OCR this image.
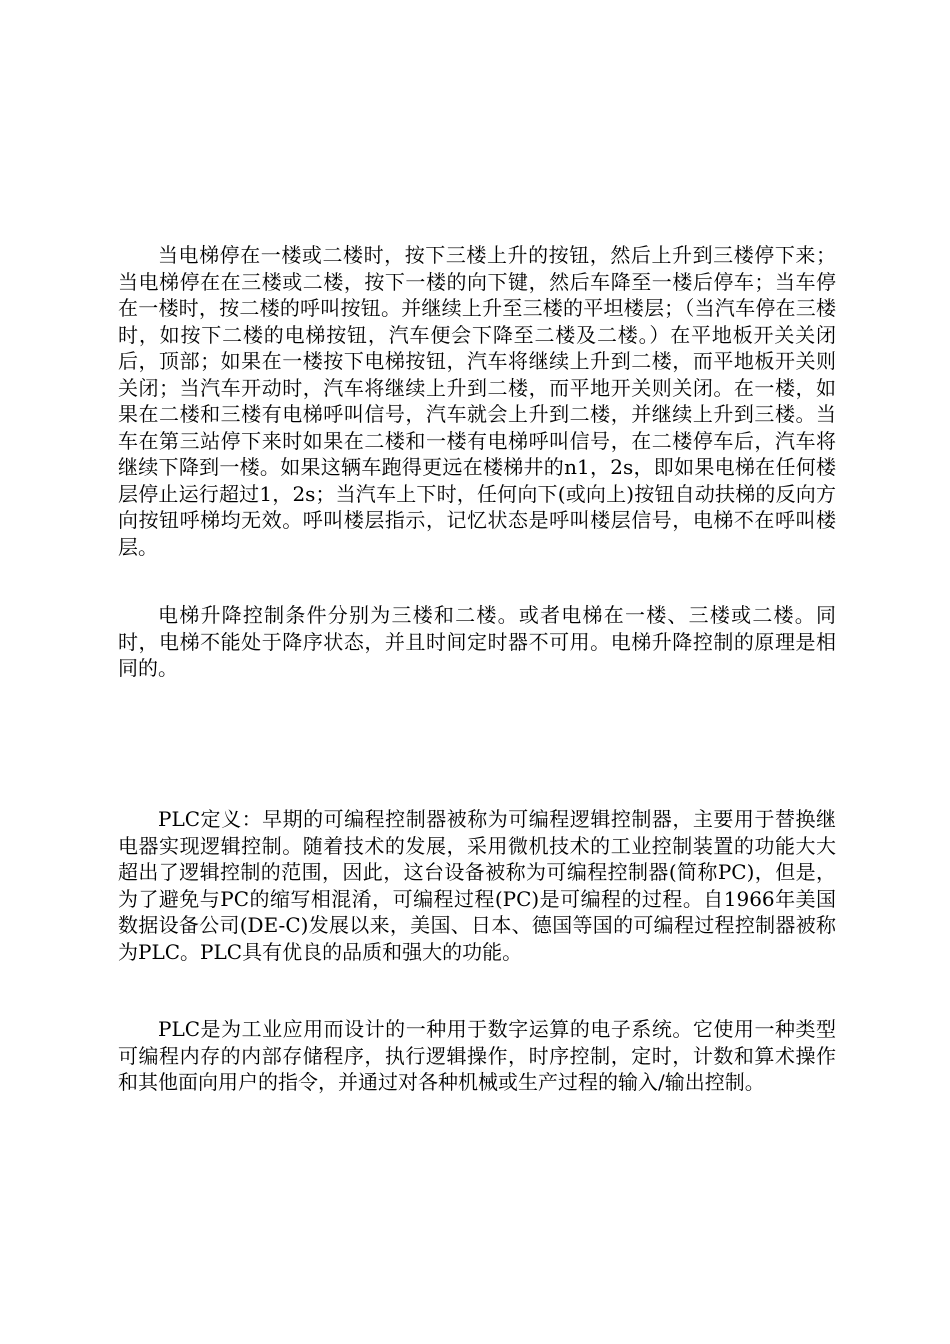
当电梯停在一楼或二楼时，按下三楼上升的按钮，然后上升到三楼停下来；当电梯停在在三楼或二楼，按下一楼的向下键，然后车降至一楼后停车；当车停在一楼时，按二楼的呼叫按钮。并继续上升至三楼的平坦楼层；（当汽车停在三楼时，如按下二楼的电梯按钮，汽车便会下降至二楼及二楼。）在平地板开关关闭后，顶部；如果在一楼按下电梯按钮，汽车将继续上升到二楼，而平地板开关则关闭；当汽车开动时，汽车将继续上升到二楼，而平地开关则关闭。在一楼，如果在二楼和三楼有电梯呼叫信号，汽车就会上升到二楼，并继续上升到三楼。当车在第三站停下来时如果在二楼和一楼有电梯呼叫信号，在二楼停车后，汽车将继续下降到一楼。如果这辆车跑得更远在楼梯井的n1，2s，即如果电梯在任何楼层停止运行超过1，2s；当汽车上下时，任何向下(或向上)按钮自动扶梯的反向方向按钮呼梯均无效。呼叫楼层指示，记忆状态是呼叫楼层信号，电梯不在呼叫楼层。

电梯升降控制条件分别为三楼和二楼。或者电梯在一楼、三楼或二楼。同时，电梯不能处于降序状态，并且时间定时器不可用。电梯升降控制的原理是相同的。

PLC定义：早期的可编程控制器被称为可编程逻辑控制器，主要用于替换继电器实现逻辑控制。随着技术的发展，采用微机技术的工业控制装置的功能大大超出了逻辑控制的范围，因此，这台设备被称为可编程控制器(简称PC)，但是，为了避免与PC的缩写相混淆，可编程过程(PC)是可编程的过程。自1966年美国数据设备公司(DE-C)发展以来，美国、日本、德国等国的可编程过程控制器被称为PLC。PLC具有优良的品质和强大的功能。

PLC是为工业应用而设计的一种用于数字运算的电子系统。它使用一种类型可编程内存的内部存储程序，执行逻辑操作，时序控制，定时，计数和算术操作和其他面向用户的指令，并通过对各种机械或生产过程的输入/输出控制。
